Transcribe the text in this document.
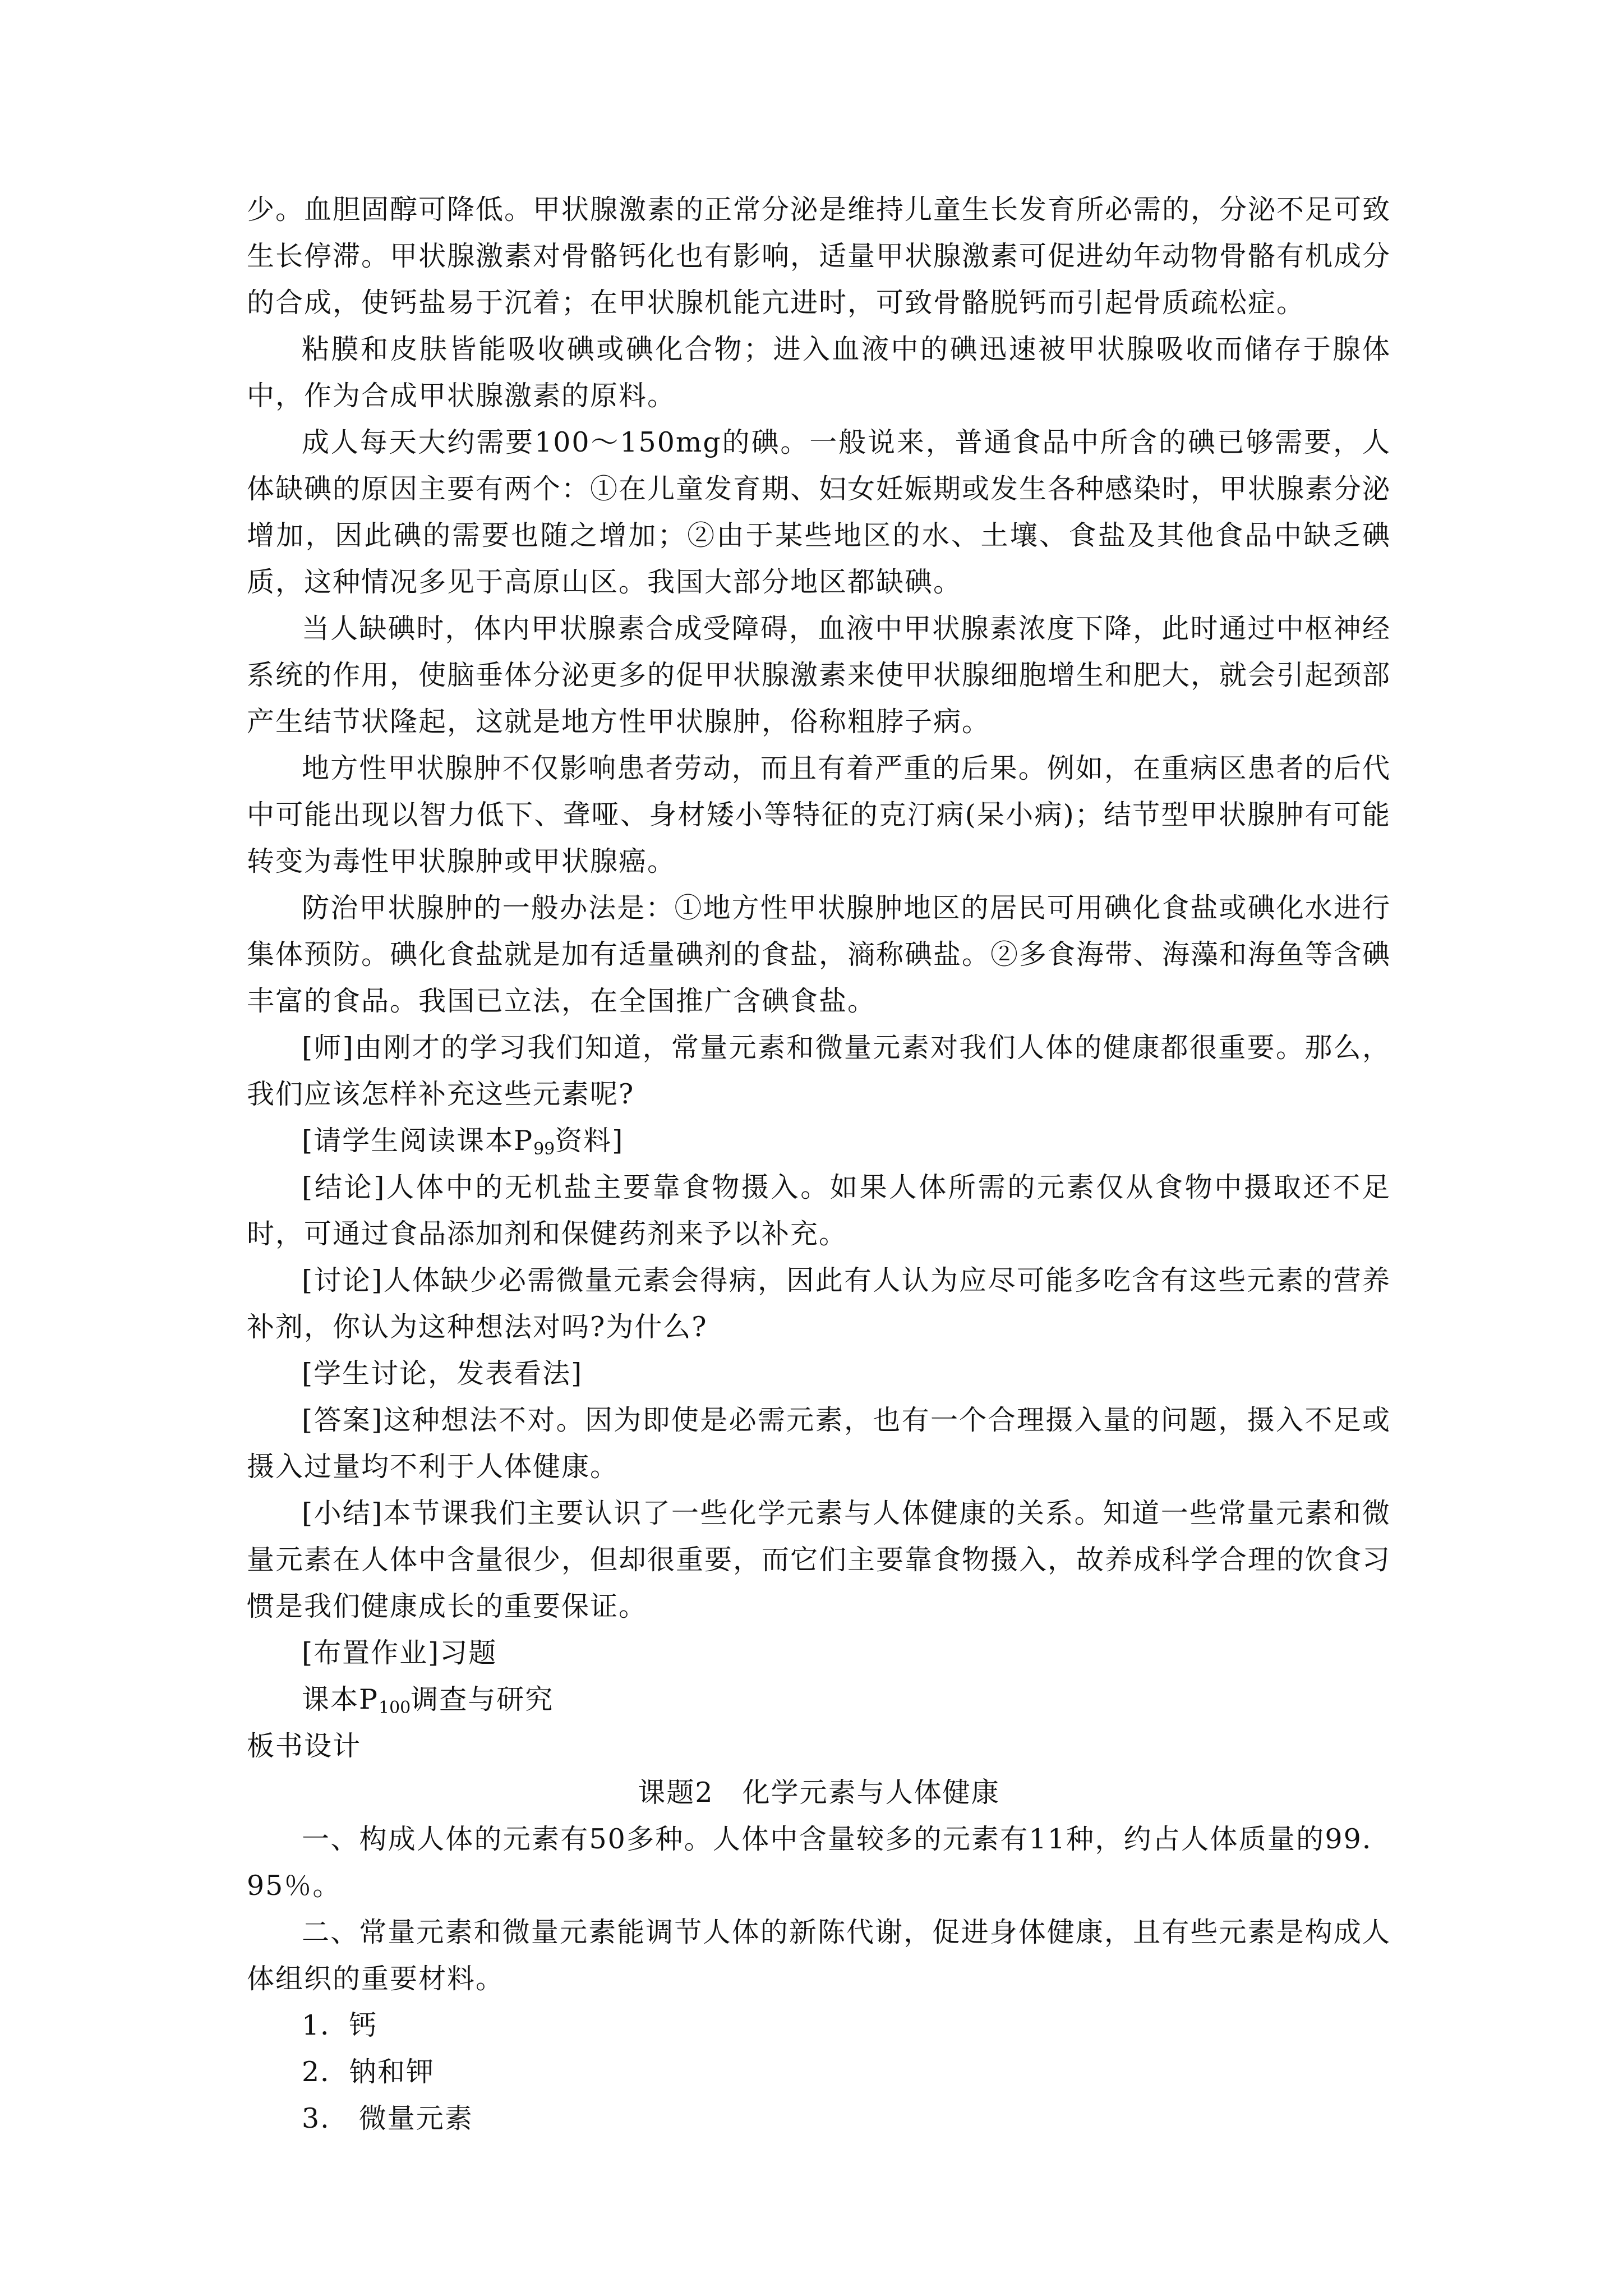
少。血胆固醇可降低。甲状腺激素的正常分泌是维持儿童生长发育所必需的，分泌不足可致生长停滞。甲状腺激素对骨骼钙化也有影响，适量甲状腺激素可促进幼年动物骨骼有机成分的合成，使钙盐易于沉着；在甲状腺机能亢进时，可致骨骼脱钙而引起骨质疏松症。

粘膜和皮肤皆能吸收碘或碘化合物；进入血液中的碘迅速被甲状腺吸收而储存于腺体中，作为合成甲状腺激素的原料。

成人每天大约需要100～150mg的碘。一般说来，普通食品中所含的碘已够需要，人体缺碘的原因主要有两个：①在儿童发育期、妇女妊娠期或发生各种感染时，甲状腺素分泌增加，因此碘的需要也随之增加；②由于某些地区的水、土壤、食盐及其他食品中缺乏碘质，这种情况多见于高原山区。我国大部分地区都缺碘。

当人缺碘时，体内甲状腺素合成受障碍，血液中甲状腺素浓度下降，此时通过中枢神经系统的作用，使脑垂体分泌更多的促甲状腺激素来使甲状腺细胞增生和肥大，就会引起颈部产生结节状隆起，这就是地方性甲状腺肿，俗称粗脖子病。

地方性甲状腺肿不仅影响患者劳动，而且有着严重的后果。例如，在重病区患者的后代中可能出现以智力低下、聋哑、身材矮小等特征的克汀病(呆小病)；结节型甲状腺肿有可能转变为毒性甲状腺肿或甲状腺癌。

防治甲状腺肿的一般办法是：①地方性甲状腺肿地区的居民可用碘化食盐或碘化水进行集体预防。碘化食盐就是加有适量碘剂的食盐，滳称碘盐。②多食海带、海藻和海鱼等含碘丰富的食品。我国已立法，在全国推广含碘食盐。

[师]由刚才的学习我们知道，常量元素和微量元素对我们人体的健康都很重要。那么，我们应该怎样补充这些元素呢?

[请学生阅读课本$P_{99}$资料]

[结论]人体中的无机盐主要靠食物摄入。如果人体所需的元素仅从食物中摄取还不足时，可通过食品添加剂和保健药剂来予以补充。

[讨论]人体缺少必需微量元素会得病，因此有人认为应尽可能多吃含有这些元素的营养补剂，你认为这种想法对吗?为什么?

[学生讨论，发表看法]

[答案]这种想法不对。因为即使是必需元素，也有一个合理摄入量的问题，摄入不足或摄入过量均不利于人体健康。

[小结]本节课我们主要认识了一些化学元素与人体健康的关系。知道一些常量元素和微量元素在人体中含量很少，但却很重要，而它们主要靠食物摄入，故养成科学合理的饮食习惯是我们健康成长的重要保证。

[布置作业]习题

课本$P_{100}$调查与研究

板书设计

课题2　化学元素与人体健康

一、构成人体的元素有50多种。人体中含量较多的元素有11种，约占人体质量的99．95％。

二、常量元素和微量元素能调节人体的新陈代谢，促进身体健康，且有些元素是构成人体组织的重要材料。

1．钙

2．钠和钾

3.　微量元素
